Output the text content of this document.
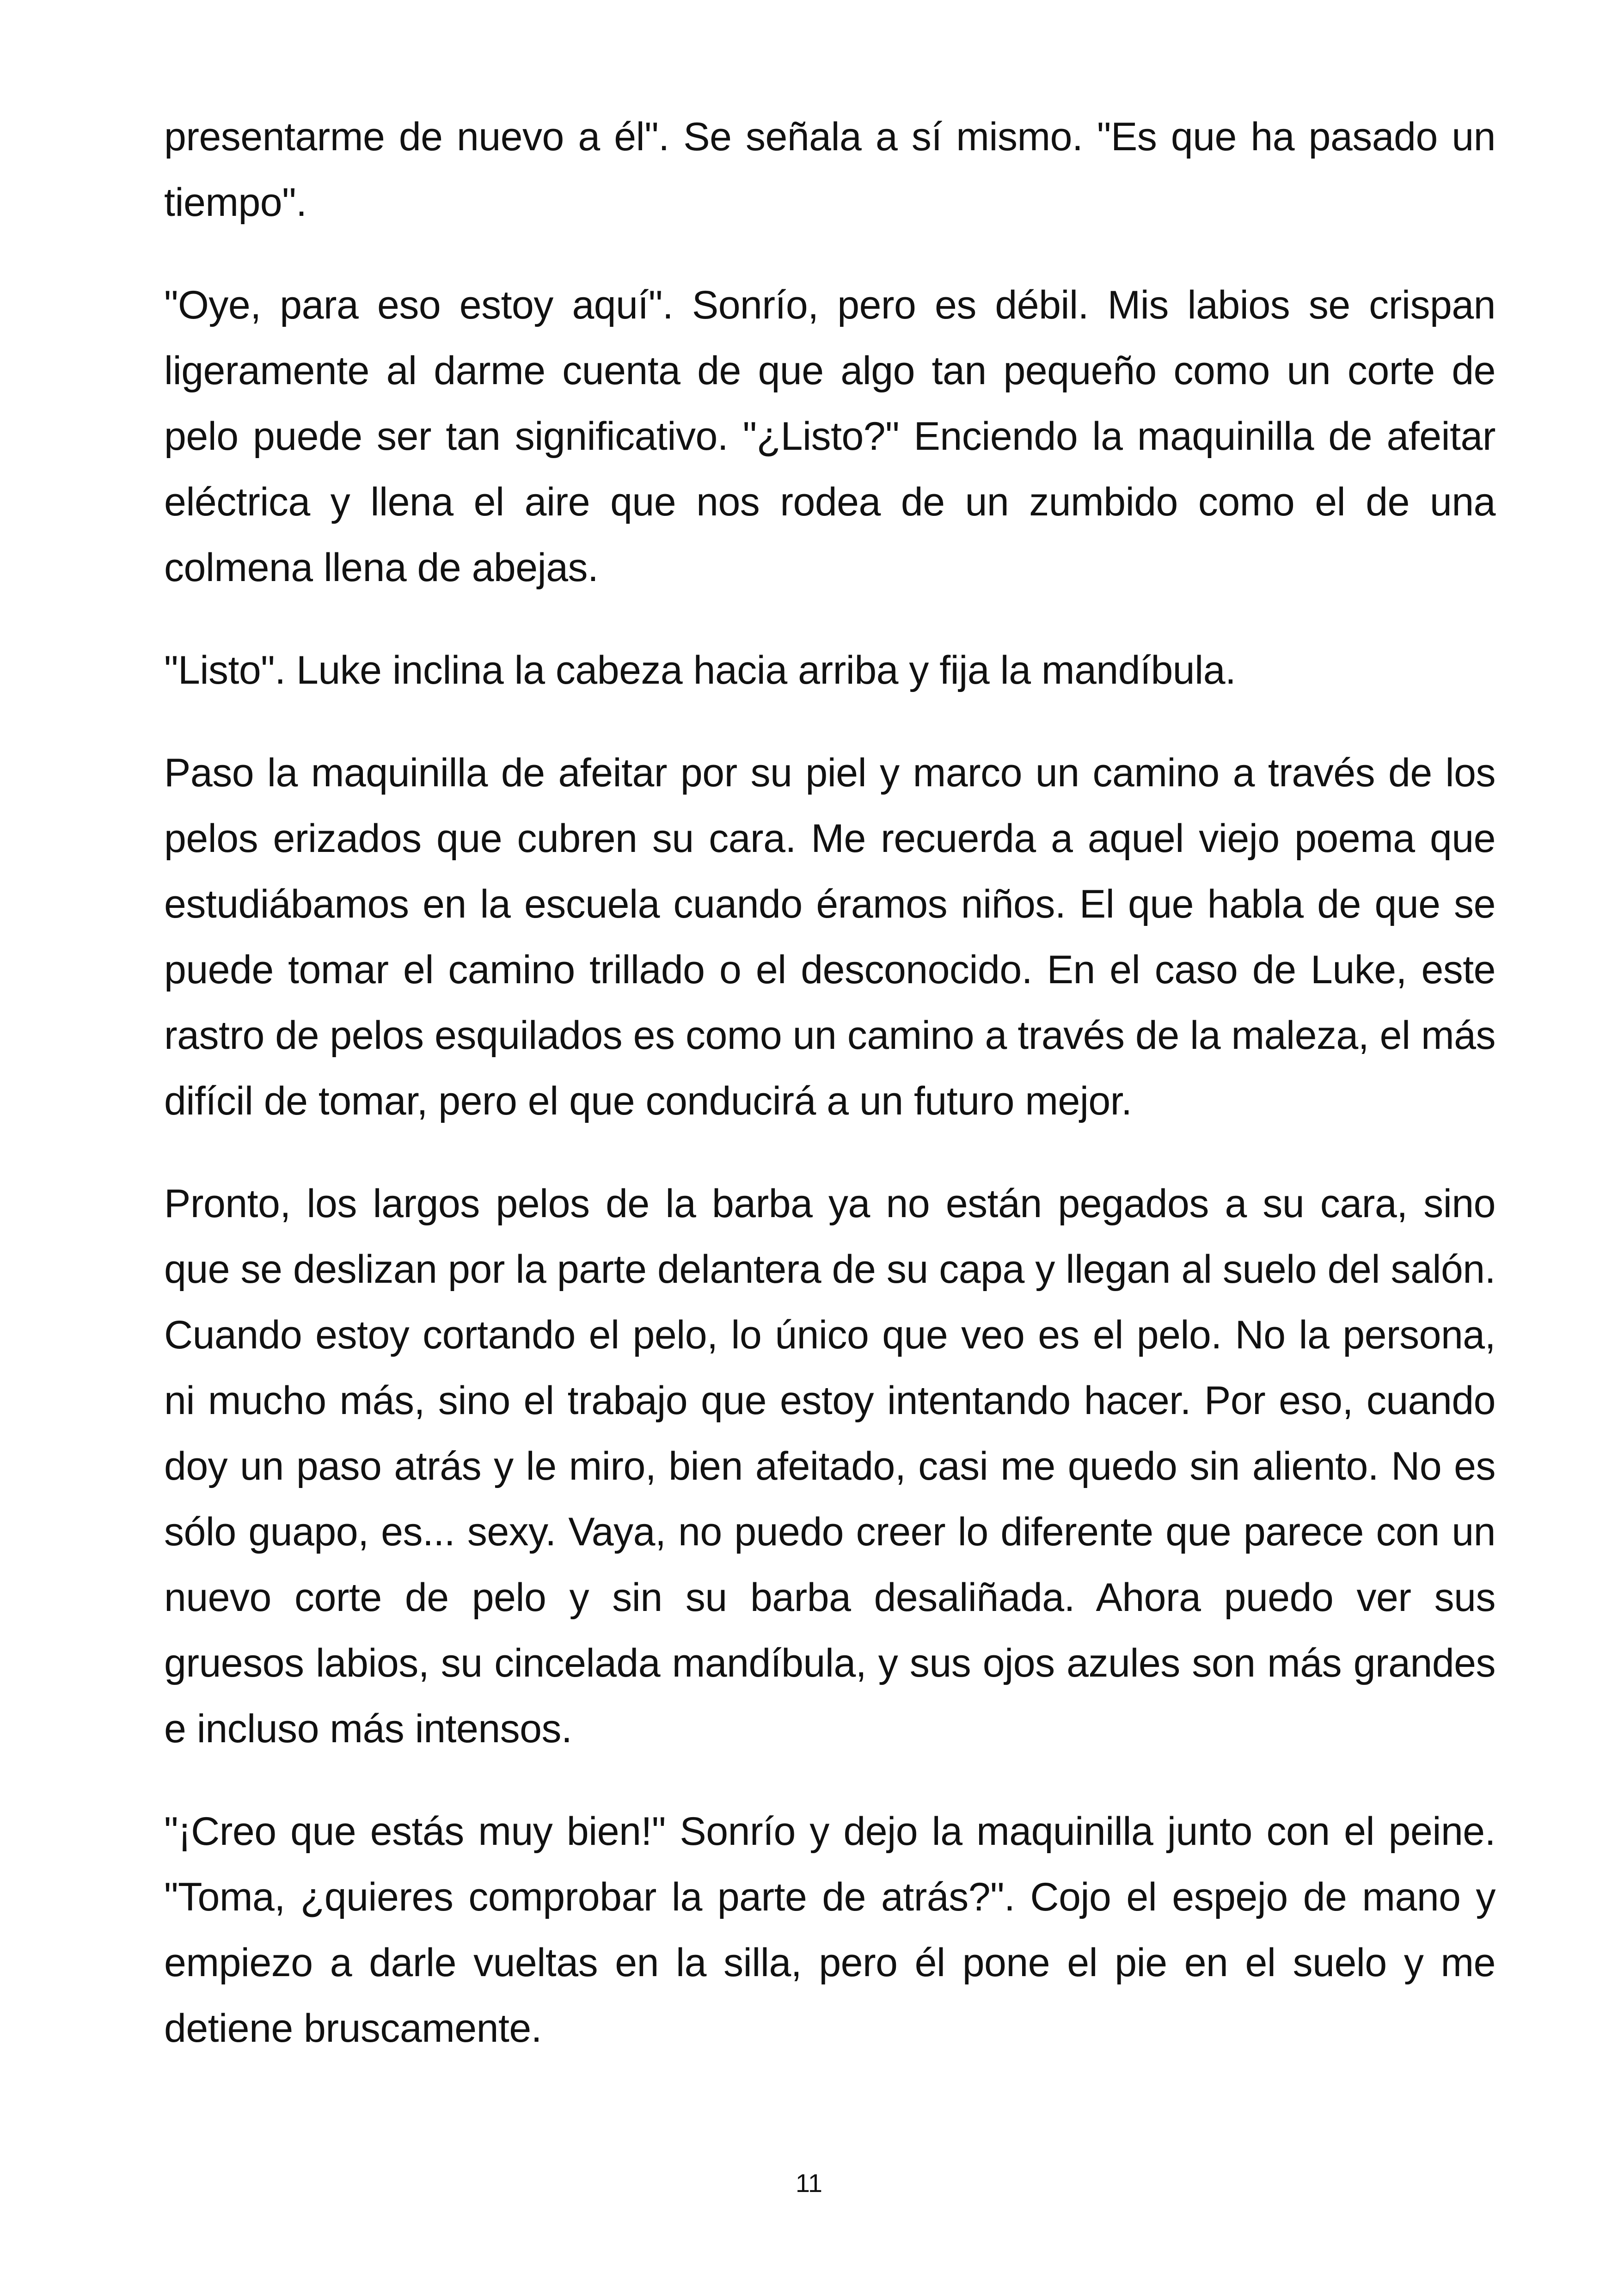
presentarme de nuevo a él". Se señala a sí mismo. "Es que ha pasado un tiempo".

"Oye, para eso estoy aquí". Sonrío, pero es débil. Mis labios se crispan ligeramente al darme cuenta de que algo tan pequeño como un corte de pelo puede ser tan significativo. "¿Listo?" Enciendo la maquinilla de afeitar eléctrica y llena el aire que nos rodea de un zumbido como el de una colmena llena de abejas.

"Listo". Luke inclina la cabeza hacia arriba y fija la mandíbula.

Paso la maquinilla de afeitar por su piel y marco un camino a través de los pelos erizados que cubren su cara. Me recuerda a aquel viejo poema que estudiábamos en la escuela cuando éramos niños. El que habla de que se puede tomar el camino trillado o el desconocido. En el caso de Luke, este rastro de pelos esquilados es como un camino a través de la maleza, el más difícil de tomar, pero el que conducirá a un futuro mejor.

Pronto, los largos pelos de la barba ya no están pegados a su cara, sino que se deslizan por la parte delantera de su capa y llegan al suelo del salón. Cuando estoy cortando el pelo, lo único que veo es el pelo. No la persona, ni mucho más, sino el trabajo que estoy intentando hacer. Por eso, cuando doy un paso atrás y le miro, bien afeitado, casi me quedo sin aliento. No es sólo guapo, es... sexy. Vaya, no puedo creer lo diferente que parece con un nuevo corte de pelo y sin su barba desaliñada. Ahora puedo ver sus gruesos labios, su cincelada mandíbula, y sus ojos azules son más grandes e incluso más intensos.

"¡Creo que estás muy bien!" Sonrío y dejo la maquinilla junto con el peine. "Toma, ¿quieres comprobar la parte de atrás?". Cojo el espejo de mano y empiezo a darle vueltas en la silla, pero él pone el pie en el suelo y me detiene bruscamente.

11
